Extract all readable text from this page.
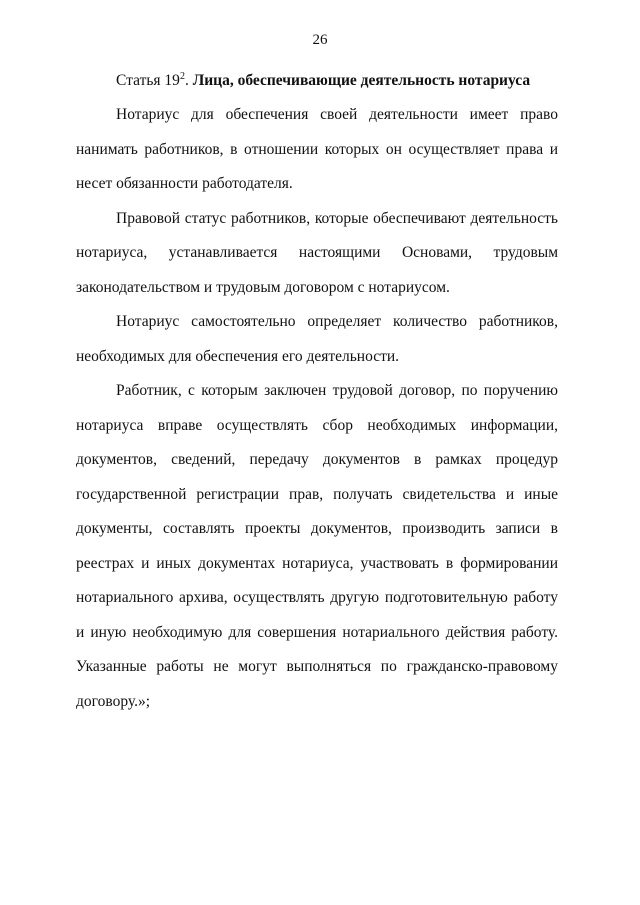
26

Статья $19^2$. Лица, обеспечивающие деятельность нотариуса

Нотариус для обеспечения своей деятельности имеет право нанимать работников, в отношении которых он осуществляет права и несет обязанности работодателя.

Правовой статус работников, которые обеспечивают деятельность нотариуса, устанавливается настоящими Основами, трудовым законодательством и трудовым договором с нотариусом.

Нотариус самостоятельно определяет количество работников, необходимых для обеспечения его деятельности.

Работник, с которым заключен трудовой договор, по поручению нотариуса вправе осуществлять сбор необходимых информации, документов, сведений, передачу документов в рамках процедур государственной регистрации прав, получать свидетельства и иные документы, составлять проекты документов, производить записи в реестрах и иных документах нотариуса, участвовать в формировании нотариального архива, осуществлять другую подготовительную работу и иную необходимую для совершения нотариального действия работу. Указанные работы не могут выполняться по гражданско-правовому договору.»;
